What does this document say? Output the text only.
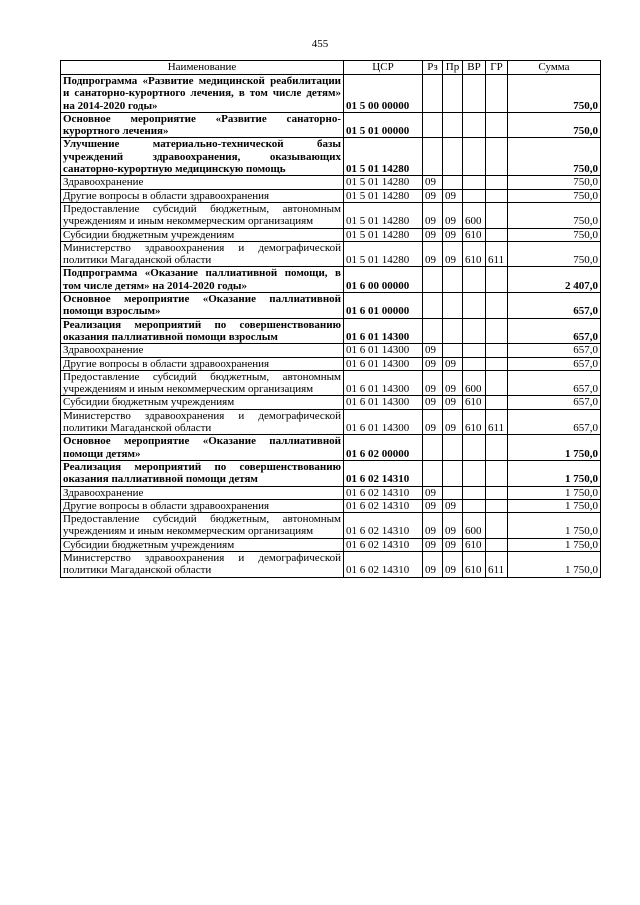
455
Наименование	ЦСР	Рз	Пр	ВР	ГР	Сумма
Подпрограмма «Развитие медицинской реабилитации и санаторно-курортного лечения, в том числе детям» на 2014-2020 годы»	01 5 00 00000					750,0
Основное мероприятие «Развитие санаторно-курортного лечения»	01 5 01 00000					750,0
Улучшение материально-технической базы учреждений здравоохранения, оказывающих санаторно-курортную медицинскую помощь	01 5 01 14280					750,0
Здравоохранение	01 5 01 14280	09				750,0
Другие вопросы в области здравоохранения	01 5 01 14280	09	09			750,0
Предоставление субсидий бюджетным, автономным учреждениям и иным некоммерческим организациям	01 5 01 14280	09	09	600		750,0
Субсидии бюджетным учреждениям	01 5 01 14280	09	09	610		750,0
Министерство здравоохранения и демографической политики Магаданской области	01 5 01 14280	09	09	610	611	750,0
Подпрограмма «Оказание паллиативной помощи, в том числе детям» на 2014-2020 годы»	01 6 00 00000					2 407,0
Основное мероприятие «Оказание паллиативной помощи взрослым»	01 6 01 00000					657,0
Реализация мероприятий по совершенствованию оказания паллиативной помощи взрослым	01 6 01 14300					657,0
Здравоохранение	01 6 01 14300	09				657,0
Другие вопросы в области здравоохранения	01 6 01 14300	09	09			657,0
Предоставление субсидий бюджетным, автономным учреждениям и иным некоммерческим организациям	01 6 01 14300	09	09	600		657,0
Субсидии бюджетным учреждениям	01 6 01 14300	09	09	610		657,0
Министерство здравоохранения и демографической политики Магаданской области	01 6 01 14300	09	09	610	611	657,0
Основное мероприятие «Оказание паллиативной помощи детям»	01 6 02 00000					1 750,0
Реализация мероприятий по совершенствованию оказания паллиативной помощи детям	01 6 02 14310					1 750,0
Здравоохранение	01 6 02 14310	09				1 750,0
Другие вопросы в области здравоохранения	01 6 02 14310	09	09			1 750,0
Предоставление субсидий бюджетным, автономным учреждениям и иным некоммерческим организациям	01 6 02 14310	09	09	600		1 750,0
Субсидии бюджетным учреждениям	01 6 02 14310	09	09	610		1 750,0
Министерство здравоохранения и демографической политики Магаданской области	01 6 02 14310	09	09	610	611	1 750,0
